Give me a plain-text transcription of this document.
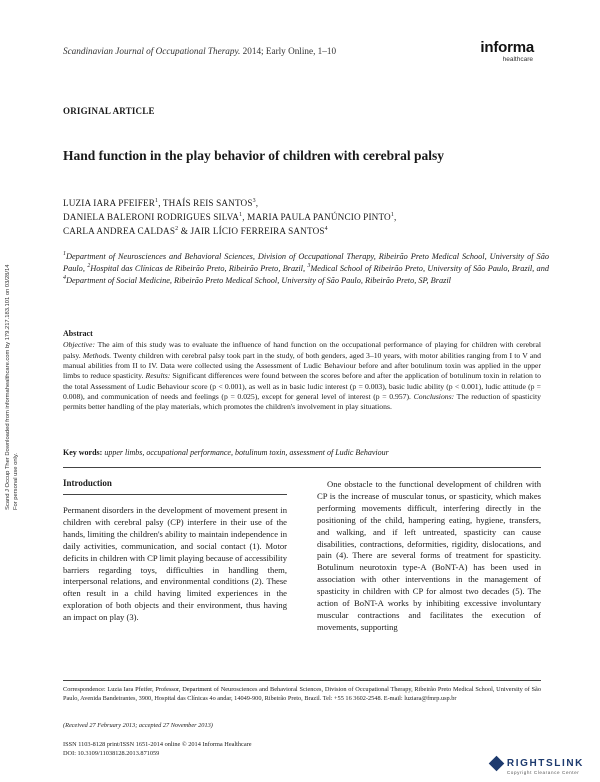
Scand J Occup Ther Downloaded from informahealthcare.com by 179.217.183.101 on 03/28/14 For personal use only.
Scandinavian Journal of Occupational Therapy. 2014; Early Online, 1–10	informa
healthcare
ORIGINAL ARTICLE
Hand function in the play behavior of children with cerebral palsy
LUZIA IARA PFEIFER$^1$, THAÍS REIS SANTOS$^3$,
DANIELA BALERONI RODRIGUES SILVA$^1$, MARIA PAULA PANÚNCIO PINTO$^1$,
CARLA ANDREA CALDAS$^2$ & JAIR LÍCIO FERREIRA SANTOS$^4$
$^1$Department of Neurosciences and Behavioral Sciences, Division of Occupational Therapy, Ribeirão Preto Medical School, University of São Paulo, $^2$Hospital das Clínicas de Ribeirão Preto, Ribeirão Preto, Brazil, $^3$Medical School of Ribeirão Preto, University of São Paulo, Brazil, and $^4$Department of Social Medicine, Ribeirão Preto Medical School, University of São Paulo, Ribeirão Preto, SP, Brazil
Abstract
Objective: The aim of this study was to evaluate the influence of hand function on the occupational performance of playing for children with cerebral palsy. Methods. Twenty children with cerebral palsy took part in the study, of both genders, aged 3–10 years, with motor abilities ranging from I to V and manual abilities from II to IV. Data were collected using the Assessment of Ludic Behaviour before and after botulinum toxin was applied in the upper limbs to reduce spasticity. Results: Significant differences were found between the scores before and after the application of botulinum toxin in relation to the total Assessment of Ludic Behaviour score (p < 0.001), as well as in basic ludic interest (p = 0.003), basic ludic ability (p < 0.001), ludic attitude (p = 0.008), and communication of needs and feelings (p = 0.025), except for general level of interest (p = 0.957). Conclusions: The reduction of spasticity permits better handling of the play materials, which promotes the children's involvement in play situations.
Key words: upper limbs, occupational performance, botulinum toxin, assessment of Ludic Behaviour
Introduction

Permanent disorders in the development of movement present in children with cerebral palsy (CP) interfere in their use of the hands, limiting the children's ability to maintain independence in daily activities, communication, and social contact (1). Motor deficits in children with CP limit playing because of accessibility barriers regarding toys, difficulties in handling them, interpersonal relations, and environmental conditions (2). These often result in a child having limited experiences in the exploration of both objects and their environment, thus having an impact on play (3).

One obstacle to the functional development of children with CP is the increase of muscular tonus, or spasticity, which makes performing movements difficult, interfering directly in the positioning of the child, hampering eating, hygiene, transfers, and walking, and if left untreated, spasticity can cause disabilities, contractions, deformities, rigidity, dislocations, and pain (4). There are several forms of treatment for spasticity. Botulinum neurotoxin type-A (BoNT-A) has been used in association with other interventions in the management of spasticity in children with CP for almost two decades (5). The action of BoNT-A works by inhibiting excessive involuntary muscular contractions and facilitates the execution of movements, supporting

Correspondence: Luzia Iara Pfeifer, Professor, Department of Neurosciences and Behavioral Sciences, Division of Occupational Therapy, Ribeirão Preto Medical School, University of São Paulo, Avenida Bandeirantes, 3900, Hospital das Clínicas 4o andar, 14049-900, Ribeirão Preto, Brazil. Tel: +55 16 3602-2548. E-mail: luziara@fmrp.usp.br
(Received 27 February 2013; accepted 27 November 2013)
ISSN 1103-8128 print/ISSN 1651-2014 online © 2014 Informa Healthcare
DOI: 10.3109/11038128.2013.871059
RIGHTSLINK
Copyright Clearance Center
